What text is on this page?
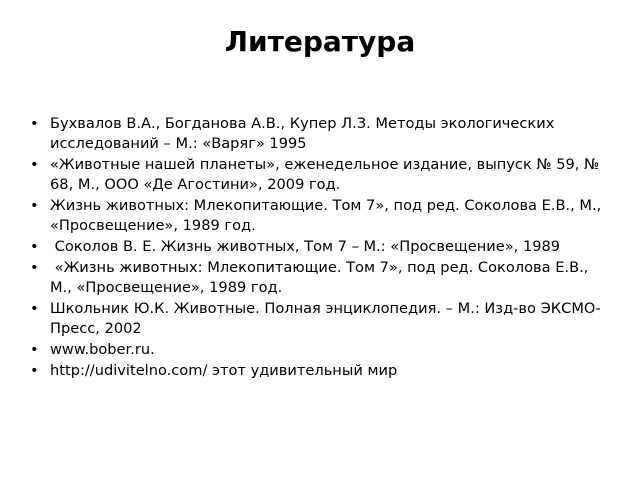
Литература
• Бухвалов В.А., Богданова А.В., Купер Л.З. Методы экологических исследований – М.: «Варяг» 1995
• «Животные нашей планеты», еженедельное издание, выпуск № 59, № 68, М., ООО «Де Агостини», 2009 год.
• Жизнь животных: Млекопитающие. Том 7», под ред. Соколова Е.В., М., «Просвещение», 1989 год.
• Соколов В. Е. Жизнь животных, Том 7 – М.: «Просвещение», 1989
• «Жизнь животных: Млекопитающие. Том 7», под ред. Соколова Е.В., М., «Просвещение», 1989 год.
• Школьник Ю.К. Животные. Полная энциклопедия. – М.: Изд-во ЭКСМО-Пресс, 2002
• www.bober.ru.
• http://udivitelno.com/ этот удивительный мир
